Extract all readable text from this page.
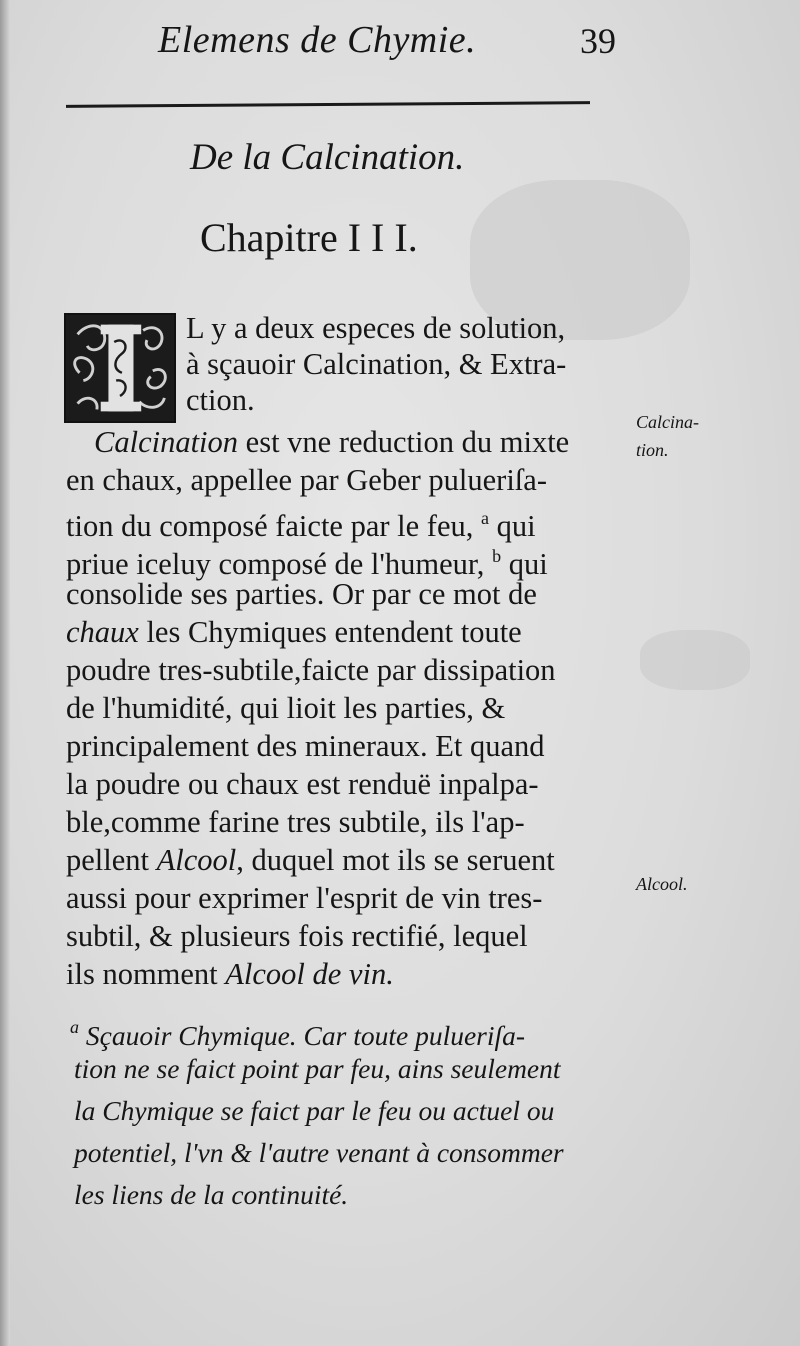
Elemens de Chymie.	39
De la Calcination.
Chapitre I I I.
L y a deux especes de solution,
à sçauoir Calcination, & Extra-
ction.
Calcination est vne reduction du mixte
en chaux, appellee par Geber pulueriſa-
tion du composé faicte par le feu, $^a$ qui
priue iceluy composé de l'humeur, $^b$ qui
consolide ses parties. Or par ce mot de
chaux les Chymiques entendent toute
poudre tres-subtile,faicte par dissipation
de l'humidité, qui lioit les parties, &
principalement des mineraux. Et quand
la poudre ou chaux est renduë inpalpa-
ble,comme farine tres subtile, ils l'ap-
pellent Alcool, duquel mot ils se seruent
aussi pour exprimer l'esprit de vin tres-
subtil, & plusieurs fois rectifié, lequel
ils nomment Alcool de vin.
$^a$ Sçauoir Chymique. Car toute pulueriſa-
tion ne se faict point par feu, ains seulement
la Chymique se faict par le feu ou actuel ou
potentiel, l'vn & l'autre venant à consommer
les liens de la continuité.
Calcina-
tion.
Alcool.
